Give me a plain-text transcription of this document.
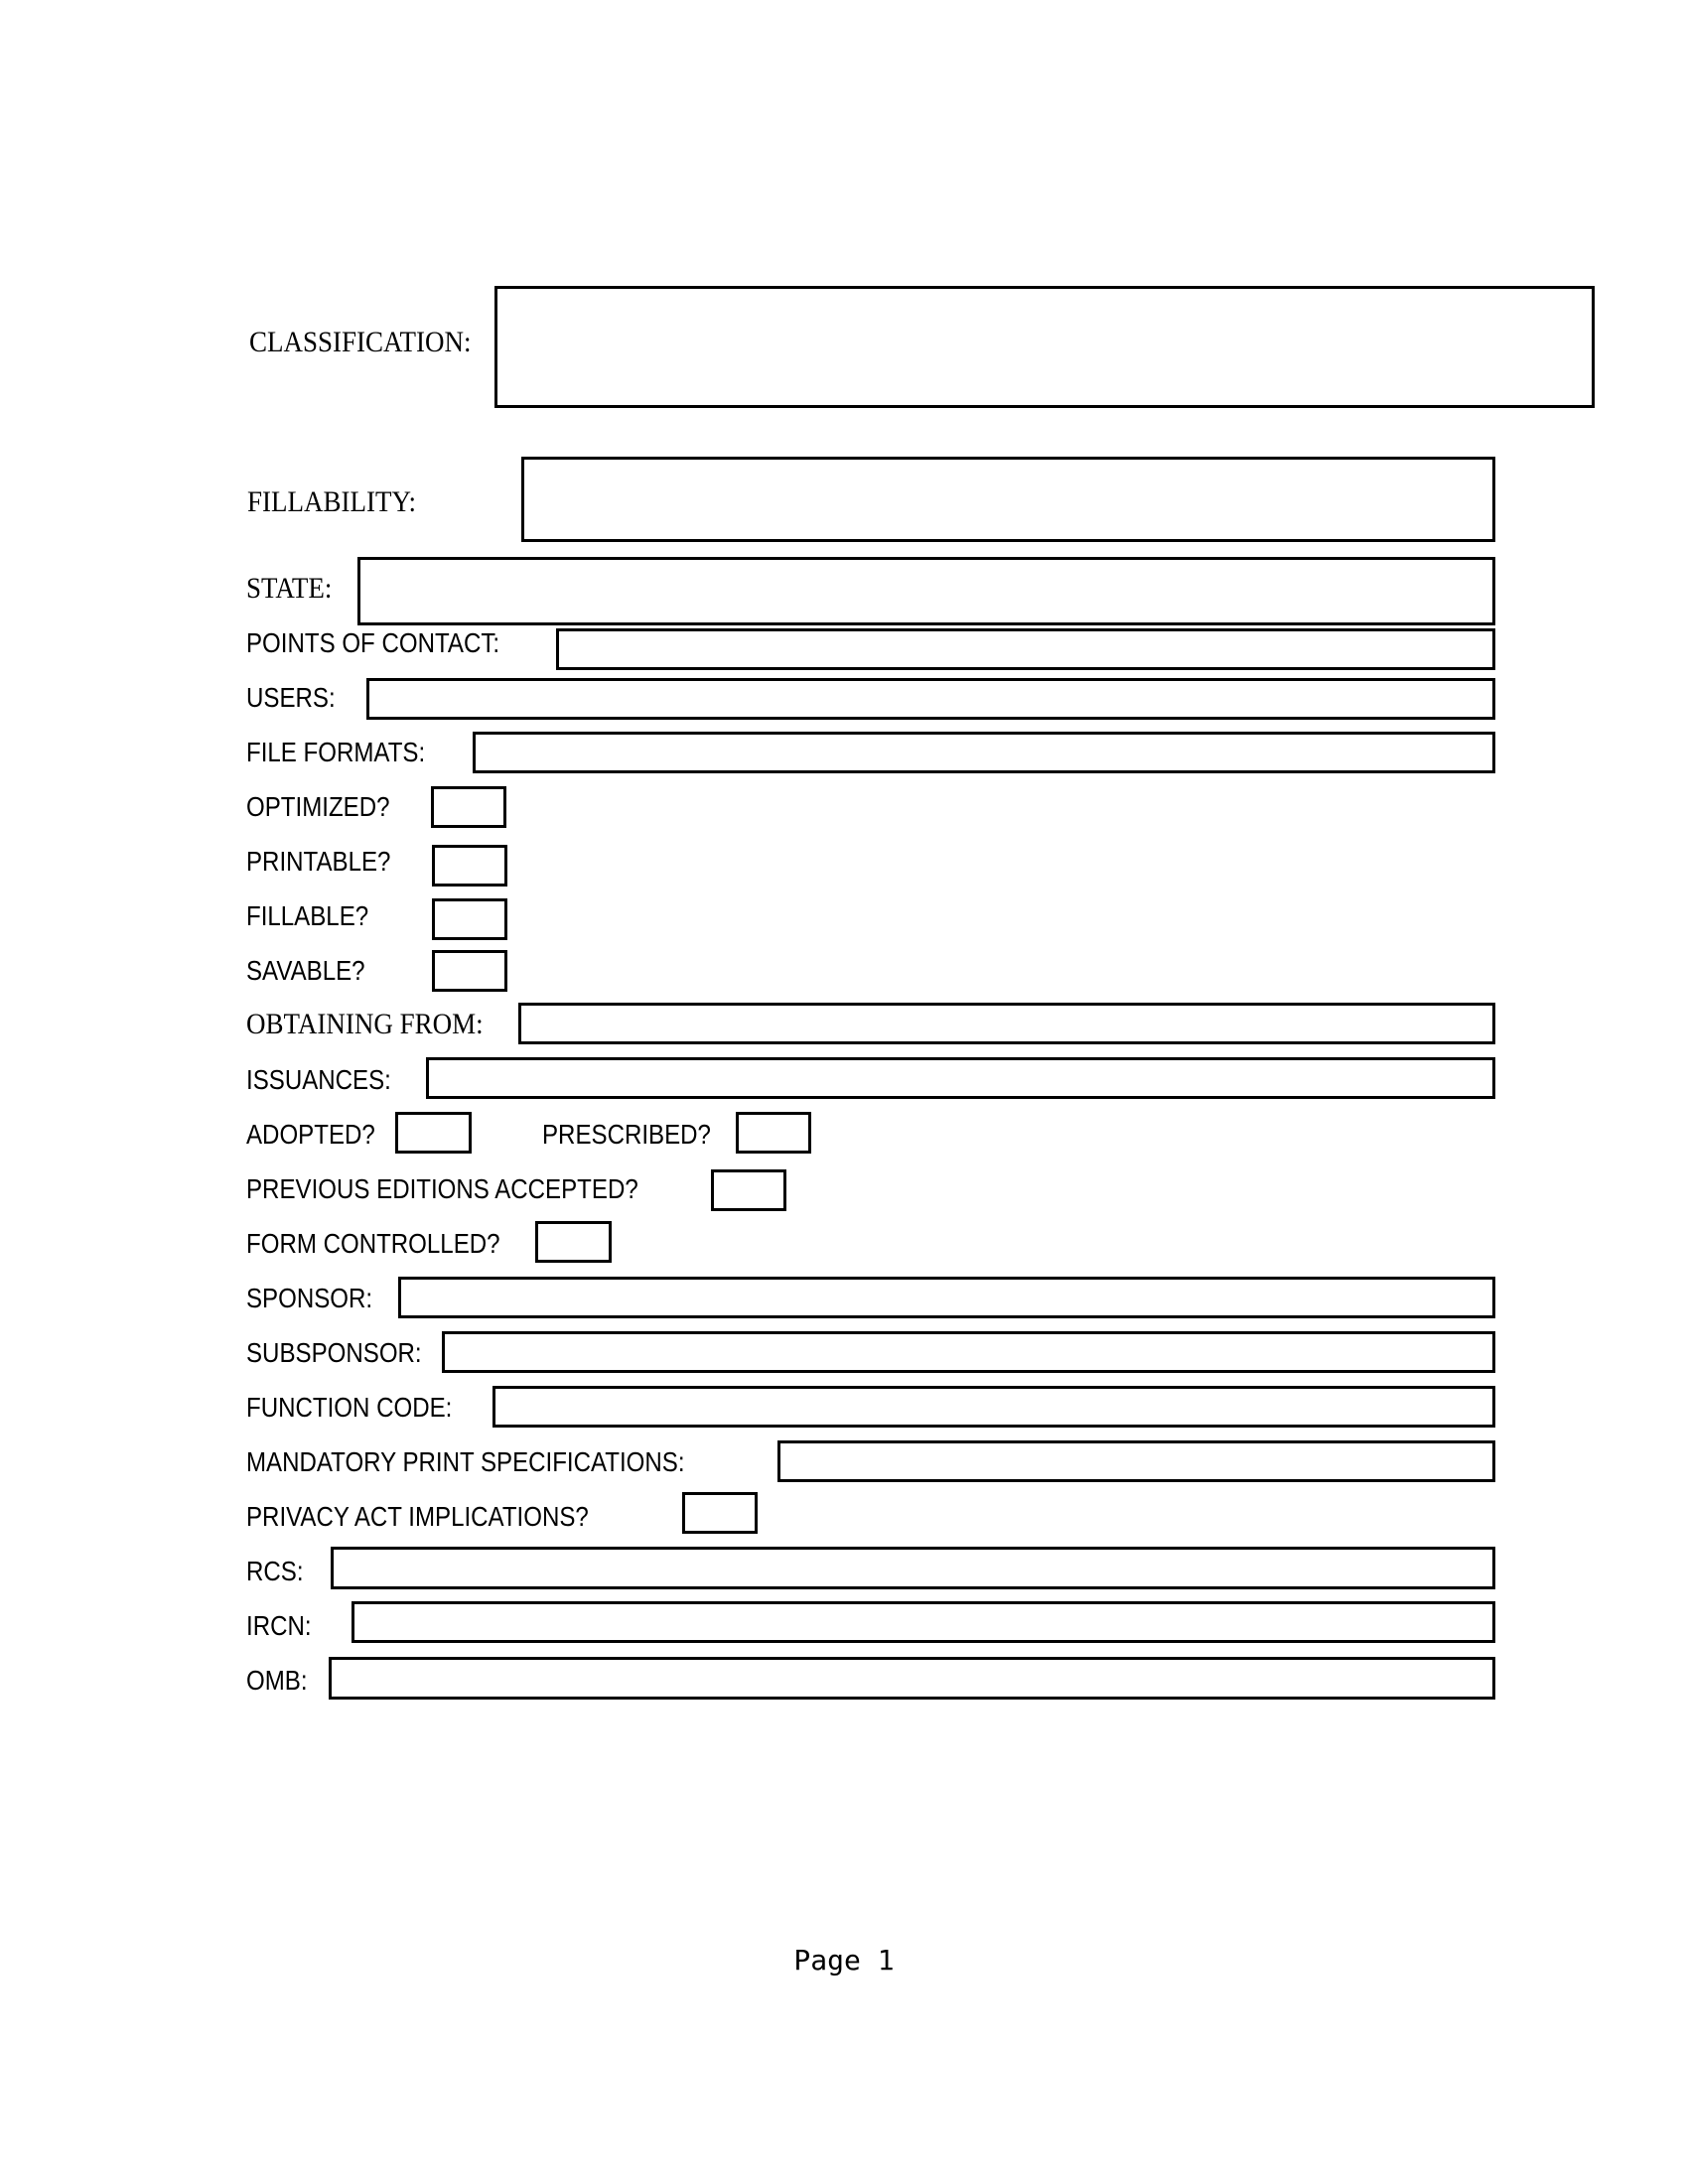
CLASSIFICATION:
FILLABILITY:
STATE:
POINTS OF CONTACT:
USERS:
FILE FORMATS:
OPTIMIZED?
PRINTABLE?
FILLABLE?
SAVABLE?
OBTAINING FROM:
ISSUANCES:
ADOPTED?	PRESCRIBED?
PREVIOUS EDITIONS ACCEPTED?
FORM CONTROLLED?
SPONSOR:
SUBSPONSOR:
FUNCTION CODE:
MANDATORY PRINT SPECIFICATIONS:
PRIVACY ACT IMPLICATIONS?
RCS:
IRCN:
OMB:
Page 1
